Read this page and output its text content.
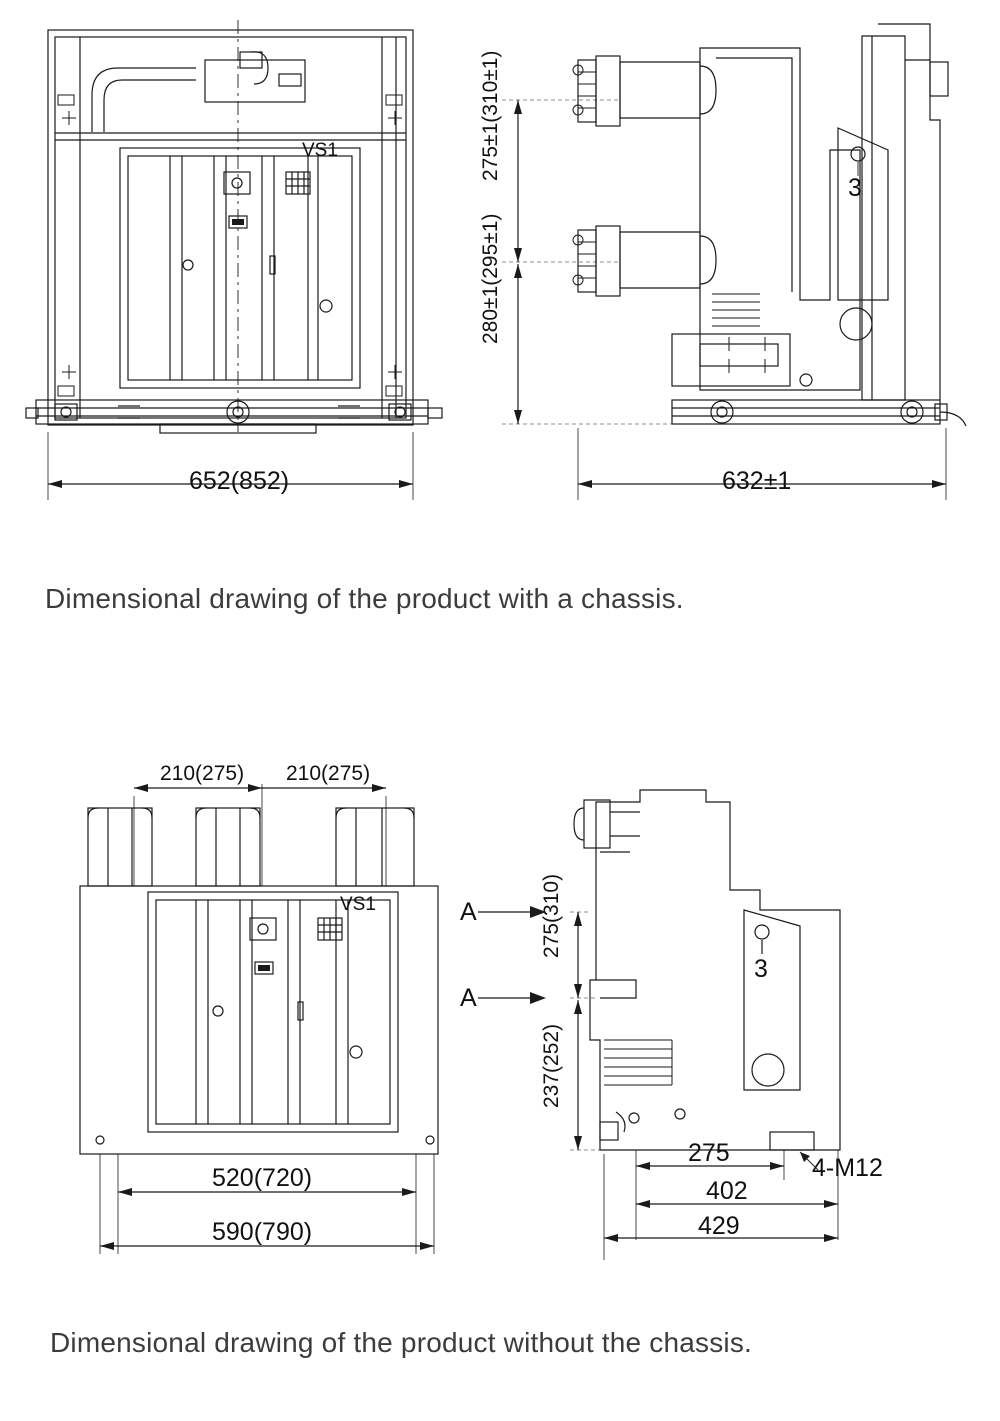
VS1
652(852)
275±1(310±1)
280±1(295±1)
632±1
3
Dimensional drawing of the product with a chassis.
210(275) 210(275)
VS1
520(720)
590(790)
A
A
275(310)
237(252)
275
402
429
3
4-M12
Dimensional drawing of the product without the chassis.
